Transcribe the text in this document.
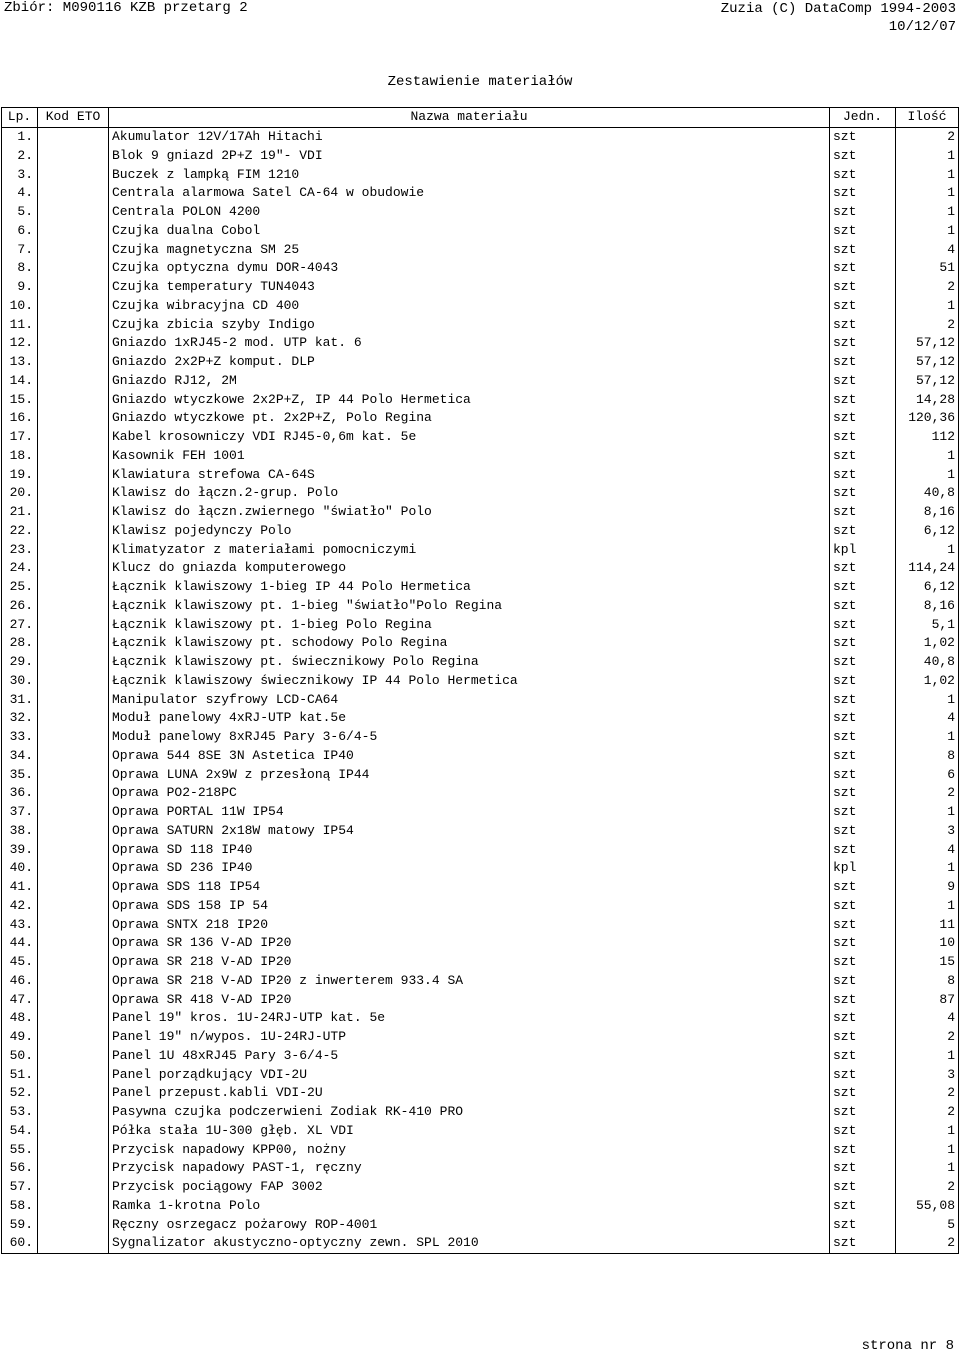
Zbiór: M090116 KZB przetarg 2	Zuzia (C) DataComp 1994-2003
10/12/07
Zestawienie materiałów
Lp.	Kod ETO	Nazwa materiału	Jedn.	Ilość
1.		Akumulator 12V/17Ah Hitachi	szt	2
2.		Blok 9 gniazd 2P+Z 19"- VDI	szt	1
3.		Buczek z lampką FIM 1210	szt	1
4.		Centrala alarmowa Satel CA-64 w obudowie	szt	1
5.		Centrala POLON 4200	szt	1
6.		Czujka dualna Cobol	szt	1
7.		Czujka magnetyczna SM 25	szt	4
8.		Czujka optyczna dymu DOR-4043	szt	51
9.		Czujka temperatury TUN4043	szt	2
10.		Czujka wibracyjna CD 400	szt	1
11.		Czujka zbicia szyby Indigo	szt	2
12.		Gniazdo 1xRJ45-2 mod. UTP kat. 6	szt	57,12
13.		Gniazdo 2x2P+Z komput. DLP	szt	57,12
14.		Gniazdo RJ12, 2M	szt	57,12
15.		Gniazdo wtyczkowe 2x2P+Z, IP 44 Polo Hermetica	szt	14,28
16.		Gniazdo wtyczkowe pt. 2x2P+Z, Polo Regina	szt	120,36
17.		Kabel krosowniczy VDI RJ45-0,6m kat. 5e	szt	112
18.		Kasownik FEH 1001	szt	1
19.		Klawiatura strefowa CA-64S	szt	1
20.		Klawisz do łączn.2-grup. Polo	szt	40,8
21.		Klawisz do łączn.zwiernego "światło" Polo	szt	8,16
22.		Klawisz pojedynczy Polo	szt	6,12
23.		Klimatyzator z materiałami pomocniczymi	kpl	1
24.		Klucz do gniazda komputerowego	szt	114,24
25.		Łącznik klawiszowy 1-bieg IP 44 Polo Hermetica	szt	6,12
26.		Łącznik klawiszowy pt. 1-bieg "światło"Polo Regina	szt	8,16
27.		Łącznik klawiszowy pt. 1-bieg Polo Regina	szt	5,1
28.		Łącznik klawiszowy pt. schodowy Polo Regina	szt	1,02
29.		Łącznik klawiszowy pt. świecznikowy Polo Regina	szt	40,8
30.		Łącznik klawiszowy świecznikowy IP 44 Polo Hermetica	szt	1,02
31.		Manipulator szyfrowy LCD-CA64	szt	1
32.		Moduł panelowy 4xRJ-UTP kat.5e	szt	4
33.		Moduł panelowy 8xRJ45 Pary 3-6/4-5	szt	1
34.		Oprawa 544 8SE 3N Astetica IP40	szt	8
35.		Oprawa LUNA 2x9W z przesłoną IP44	szt	6
36.		Oprawa PO2-218PC	szt	2
37.		Oprawa PORTAL 11W IP54	szt	1
38.		Oprawa SATURN 2x18W matowy IP54	szt	3
39.		Oprawa SD 118 IP40	szt	4
40.		Oprawa SD 236 IP40	kpl	1
41.		Oprawa SDS 118 IP54	szt	9
42.		Oprawa SDS 158 IP 54	szt	1
43.		Oprawa SNTX 218 IP20	szt	11
44.		Oprawa SR 136 V-AD IP20	szt	10
45.		Oprawa SR 218 V-AD IP20	szt	15
46.		Oprawa SR 218 V-AD IP20 z inwerterem 933.4 SA	szt	8
47.		Oprawa SR 418 V-AD IP20	szt	87
48.		Panel 19" kros. 1U-24RJ-UTP kat. 5e	szt	4
49.		Panel 19" n/wypos. 1U-24RJ-UTP	szt	2
50.		Panel 1U 48xRJ45 Pary 3-6/4-5	szt	1
51.		Panel porządkujący VDI-2U	szt	3
52.		Panel przepust.kabli VDI-2U	szt	2
53.		Pasywna czujka podczerwieni Zodiak RK-410 PRO	szt	2
54.		Półka stała 1U-300 głęb. XL VDI	szt	1
55.		Przycisk napadowy KPP00, nożny	szt	1
56.		Przycisk napadowy PAST-1, ręczny	szt	1
57.		Przycisk pociągowy FAP 3002	szt	2
58.		Ramka 1-krotna Polo	szt	55,08
59.		Ręczny osrzegacz pożarowy ROP-4001	szt	5
60.		Sygnalizator akustyczno-optyczny zewn. SPL 2010	szt	2
strona nr 8
